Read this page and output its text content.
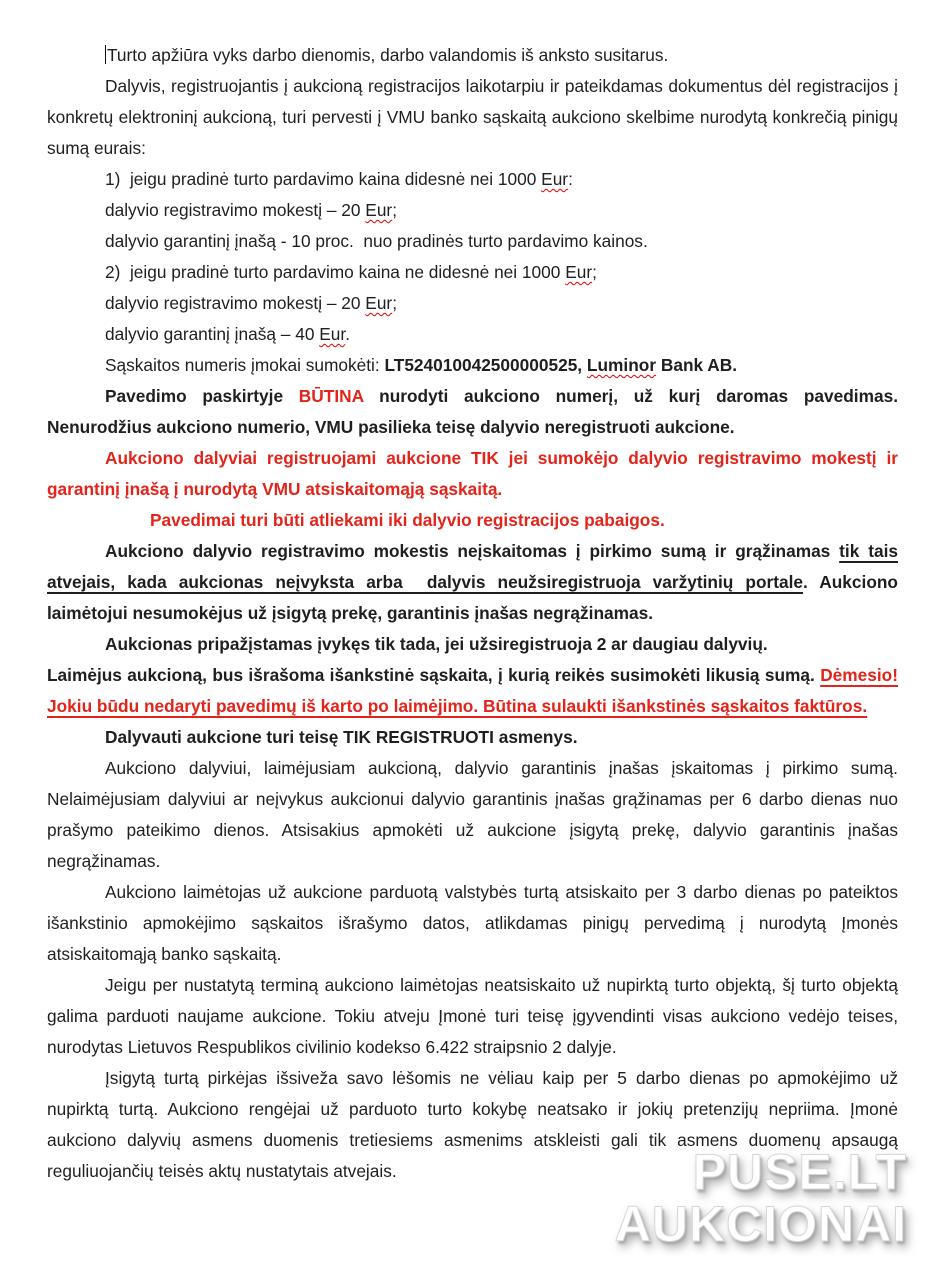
Turto apžiūra vyks darbo dienomis, darbo valandomis iš anksto susitarus.

Dalyvis, registruojantis į aukcioną registracijos laikotarpiu ir pateikdamas dokumentus dėl registracijos į konkretų elektroninį aukcioną, turi pervesti į VMU banko sąskaitą aukciono skelbime nurodytą konkrečią pinigų sumą eurais:

1)  jeigu pradinė turto pardavimo kaina didesnė nei 1000 Eur:

dalyvio registravimo mokestį – 20 Eur;

dalyvio garantinį įnašą - 10 proc.  nuo pradinės turto pardavimo kainos.

2)  jeigu pradinė turto pardavimo kaina ne didesnė nei 1000 Eur;

dalyvio registravimo mokestį – 20 Eur;

dalyvio garantinį įnašą – 40 Eur.

Sąskaitos numeris įmokai sumokėti: LT524010042500000525, Luminor Bank AB.

Pavedimo paskirtyje BŪTINA nurodyti aukciono numerį, už kurį daromas pavedimas. Nenurodžius aukciono numerio, VMU pasilieka teisę dalyvio neregistruoti aukcione.

Aukciono dalyviai registruojami aukcione TIK jei sumokėjo dalyvio registravimo mokestį ir garantinį įnašą į nurodytą VMU atsiskaitomąją sąskaitą.

Pavedimai turi būti atliekami iki dalyvio registracijos pabaigos.

Aukciono dalyvio registravimo mokestis neįskaitomas į pirkimo sumą ir grąžinamas tik tais atvejais, kada aukcionas neįvyksta arba  dalyvis neužsiregistruoja varžytinių portale. Aukciono laimėtojui nesumokėjus už įsigytą prekę, garantinis įnašas negrąžinamas.

Aukcionas pripažįstamas įvykęs tik tada, jei užsiregistruoja 2 ar daugiau dalyvių.

Laimėjus aukcioną, bus išrašoma išankstinė sąskaita, į kurią reikės susimokėti likusią sumą. Dėmesio! Jokiu būdu nedaryti pavedimų iš karto po laimėjimo. Būtina sulaukti išankstinės sąskaitos faktūros.

Dalyvauti aukcione turi teisę TIK REGISTRUOTI asmenys.

Aukciono dalyviui, laimėjusiam aukcioną, dalyvio garantinis įnašas įskaitomas į pirkimo sumą. Nelaimėjusiam dalyviui ar neįvykus aukcionui dalyvio garantinis įnašas grąžinamas per 6 darbo dienas nuo prašymo pateikimo dienos. Atsisakius apmokėti už aukcione įsigytą prekę, dalyvio garantinis įnašas negrąžinamas.

Aukciono laimėtojas už aukcione parduotą valstybės turtą atsiskaito per 3 darbo dienas po pateiktos išankstinio apmokėjimo sąskaitos išrašymo datos, atlikdamas pinigų pervedimą į nurodytą Įmonės atsiskaitomąją banko sąskaitą.

Jeigu per nustatytą terminą aukciono laimėtojas neatsiskaito už nupirktą turto objektą, šį turto objektą galima parduoti naujame aukcione. Tokiu atveju Įmonė turi teisę įgyvendinti visas aukciono vedėjo teises, nurodytas Lietuvos Respublikos civilinio kodekso 6.422 straipsnio 2 dalyje.

Įsigytą turtą pirkėjas išsiveža savo lėšomis ne vėliau kaip per 5 darbo dienas po apmokėjimo už nupirktą turtą. Aukciono rengėjai už parduoto turto kokybę neatsako ir jokių pretenzijų nepriima. Įmonė aukciono dalyvių asmens duomenis tretiesiems asmenims atskleisti gali tik asmens duomenų apsaugą reguliuojančių teisės aktų nustatytais atvejais.	PUSE.LT
AUKCIONAI
